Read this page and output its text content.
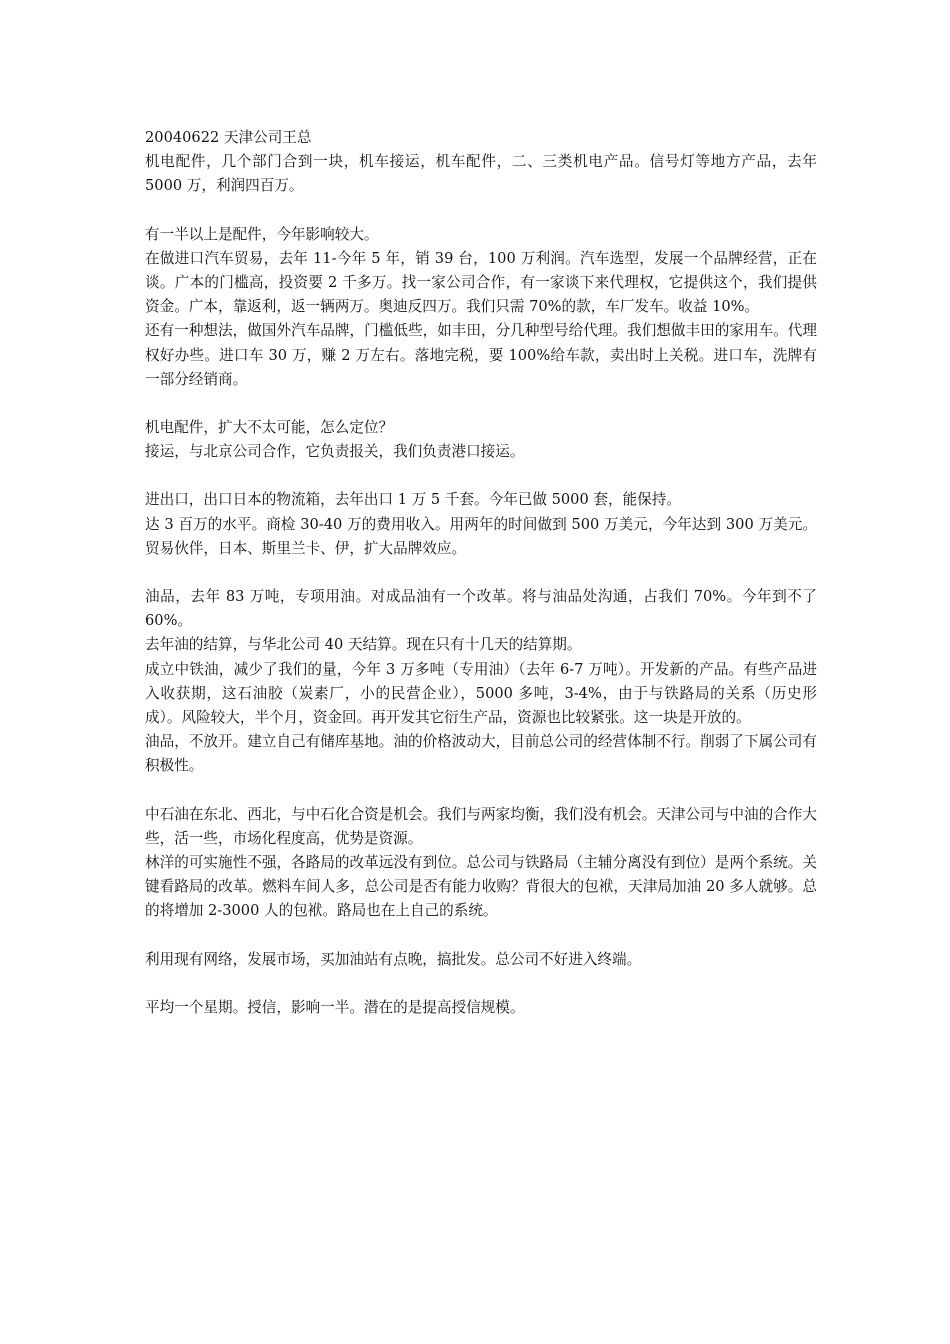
20040622 天津公司王总

机电配件，几个部门合到一块，机车接运，机车配件，二、三类机电产品。信号灯等地方产品，去年 5000 万，利润四百万。

有一半以上是配件，今年影响较大。

在做进口汽车贸易，去年 11-今年 5 年，销 39 台，100 万利润。汽车选型，发展一个品牌经营，正在谈。广本的门槛高，投资要 2 千多万。找一家公司合作，有一家谈下来代理权，它提供这个，我们提供资金。广本，靠返利，返一辆两万。奥迪反四万。我们只需 70%的款，车厂发车。收益 10%。

还有一种想法，做国外汽车品牌，门槛低些，如丰田，分几种型号给代理。我们想做丰田的家用车。代理权好办些。进口车 30 万，赚 2 万左右。落地完税，要 100%给车款，卖出时上关税。进口车，洗牌有一部分经销商。

机电配件，扩大不太可能，怎么定位？

接运，与北京公司合作，它负责报关，我们负责港口接运。

进出口，出口日本的物流箱，去年出口 1 万 5 千套。今年已做 5000 套，能保持。

达 3 百万的水平。商检 30-40 万的费用收入。用两年的时间做到 500 万美元，今年达到 300 万美元。贸易伙伴，日本、斯里兰卡、伊，扩大品牌效应。

油品，去年 83 万吨，专项用油。对成品油有一个改革。将与油品处沟通，占我们 70%。今年到不了 60%。

去年油的结算，与华北公司 40 天结算。现在只有十几天的结算期。

成立中铁油，减少了我们的量，今年 3 万多吨（专用油）（去年 6-7 万吨）。开发新的产品。有些产品进入收获期，这石油胶（炭素厂，小的民营企业），5000 多吨，3-4%，由于与铁路局的关系（历史形成）。风险较大，半个月，资金回。再开发其它衍生产品，资源也比较紧张。这一块是开放的。

油品，不放开。建立自己有储库基地。油的价格波动大，目前总公司的经营体制不行。削弱了下属公司有积极性。

中石油在东北、西北，与中石化合资是机会。我们与两家均衡，我们没有机会。天津公司与中油的合作大些，活一些，市场化程度高，优势是资源。

林洋的可实施性不强，各路局的改革远没有到位。总公司与铁路局（主辅分离没有到位）是两个系统。关键看路局的改革。燃料车间人多，总公司是否有能力收购？背很大的包袱，天津局加油 20 多人就够。总的将增加 2-3000 人的包袱。路局也在上自己的系统。

利用现有网络，发展市场，买加油站有点晚，搞批发。总公司不好进入终端。

平均一个星期。授信，影响一半。潜在的是提高授信规模。
